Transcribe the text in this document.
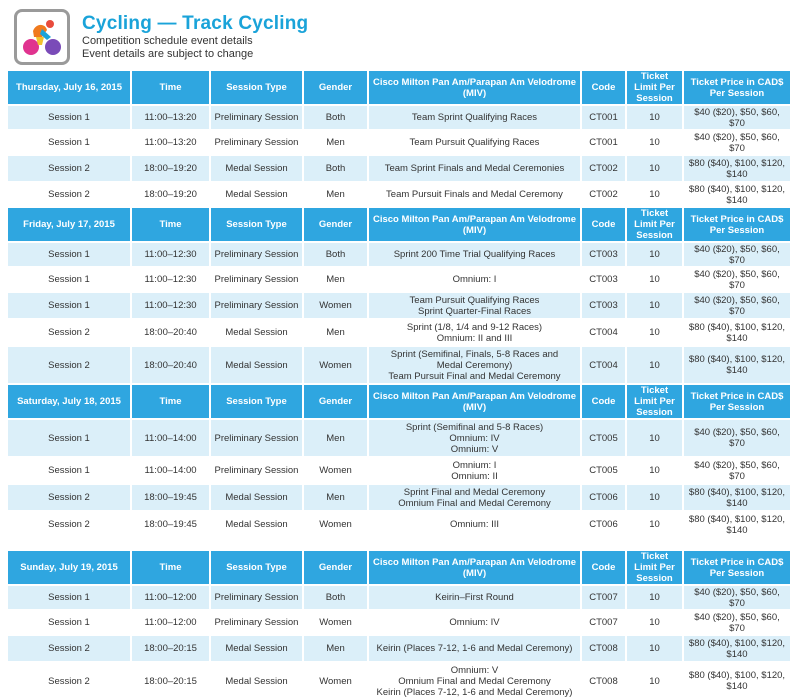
Cycling — Track Cycling
Competition schedule event details
Event details are subject to change
Thursday, July 16, 2015	Time	Session Type	Gender	Cisco Milton Pan Am/Parapan Am Velodrome (MIV)	Code	Ticket Limit Per Session	Ticket Price in CAD$ Per Session
Session 1	11:00–13:20	Preliminary Session	Both	Team Sprint Qualifying Races	CT001	10	$40 ($20), $50, $60, $70
Session 1	11:00–13:20	Preliminary Session	Men	Team Pursuit Qualifying Races	CT001	10	$40 ($20), $50, $60, $70
Session 2	18:00–19:20	Medal Session	Both	Team Sprint Finals and Medal Ceremonies	CT002	10	$80 ($40), $100, $120, $140
Session 2	18:00–19:20	Medal Session	Men	Team Pursuit Finals and Medal Ceremony	CT002	10	$80 ($40), $100, $120, $140
Friday, July 17, 2015	Time	Session Type	Gender	Cisco Milton Pan Am/Parapan Am Velodrome (MIV)	Code	Ticket Limit Per Session	Ticket Price in CAD$ Per Session
Session 1	11:00–12:30	Preliminary Session	Both	Sprint 200 Time Trial Qualifying Races	CT003	10	$40 ($20), $50, $60, $70
Session 1	11:00–12:30	Preliminary Session	Men	Omnium: I	CT003	10	$40 ($20), $50, $60, $70
Session 1	11:00–12:30	Preliminary Session	Women	Team Pursuit Qualifying Races
Sprint Quarter-Final Races	CT003	10	$40 ($20), $50, $60, $70
Session 2	18:00–20:40	Medal Session	Men	Sprint (1/8, 1/4 and 9-12 Races)
Omnium: II and III	CT004	10	$80 ($40), $100, $120, $140
Session 2	18:00–20:40	Medal Session	Women	Sprint (Semifinal, Finals, 5-8 Races and
Medal Ceremony)
Team Pursuit Final and Medal Ceremony	CT004	10	$80 ($40), $100, $120, $140
Saturday, July 18, 2015	Time	Session Type	Gender	Cisco Milton Pan Am/Parapan Am Velodrome (MIV)	Code	Ticket Limit Per Session	Ticket Price in CAD$ Per Session
Session 1	11:00–14:00	Preliminary Session	Men	Sprint (Semifinal and 5-8 Races)
Omnium: IV
Omnium: V	CT005	10	$40 ($20), $50, $60, $70
Session 1	11:00–14:00	Preliminary Session	Women	Omnium: I
Omnium: II	CT005	10	$40 ($20), $50, $60, $70
Session 2	18:00–19:45	Medal Session	Men	Sprint Final and Medal Ceremony
Omnium Final and Medal Ceremony	CT006	10	$80 ($40), $100, $120, $140
Session 2	18:00–19:45	Medal Session	Women	Omnium: III	CT006	10	$80 ($40), $100, $120, $140

Sunday, July 19, 2015	Time	Session Type	Gender	Cisco Milton Pan Am/Parapan Am Velodrome (MIV)	Code	Ticket Limit Per Session	Ticket Price in CAD$ Per Session
Session 1	11:00–12:00	Preliminary Session	Both	Keirin–First Round	CT007	10	$40 ($20), $50, $60, $70
Session 1	11:00–12:00	Preliminary Session	Women	Omnium: IV	CT007	10	$40 ($20), $50, $60, $70
Session 2	18:00–20:15	Medal Session	Men	Keirin (Places 7-12, 1-6 and Medal Ceremony)	CT008	10	$80 ($40), $100, $120, $140
Session 2	18:00–20:15	Medal Session	Women	Omnium: V
Omnium Final and Medal Ceremony
Keirin (Places 7-12, 1-6 and Medal Ceremony)	CT008	10	$80 ($40), $100, $120, $140
